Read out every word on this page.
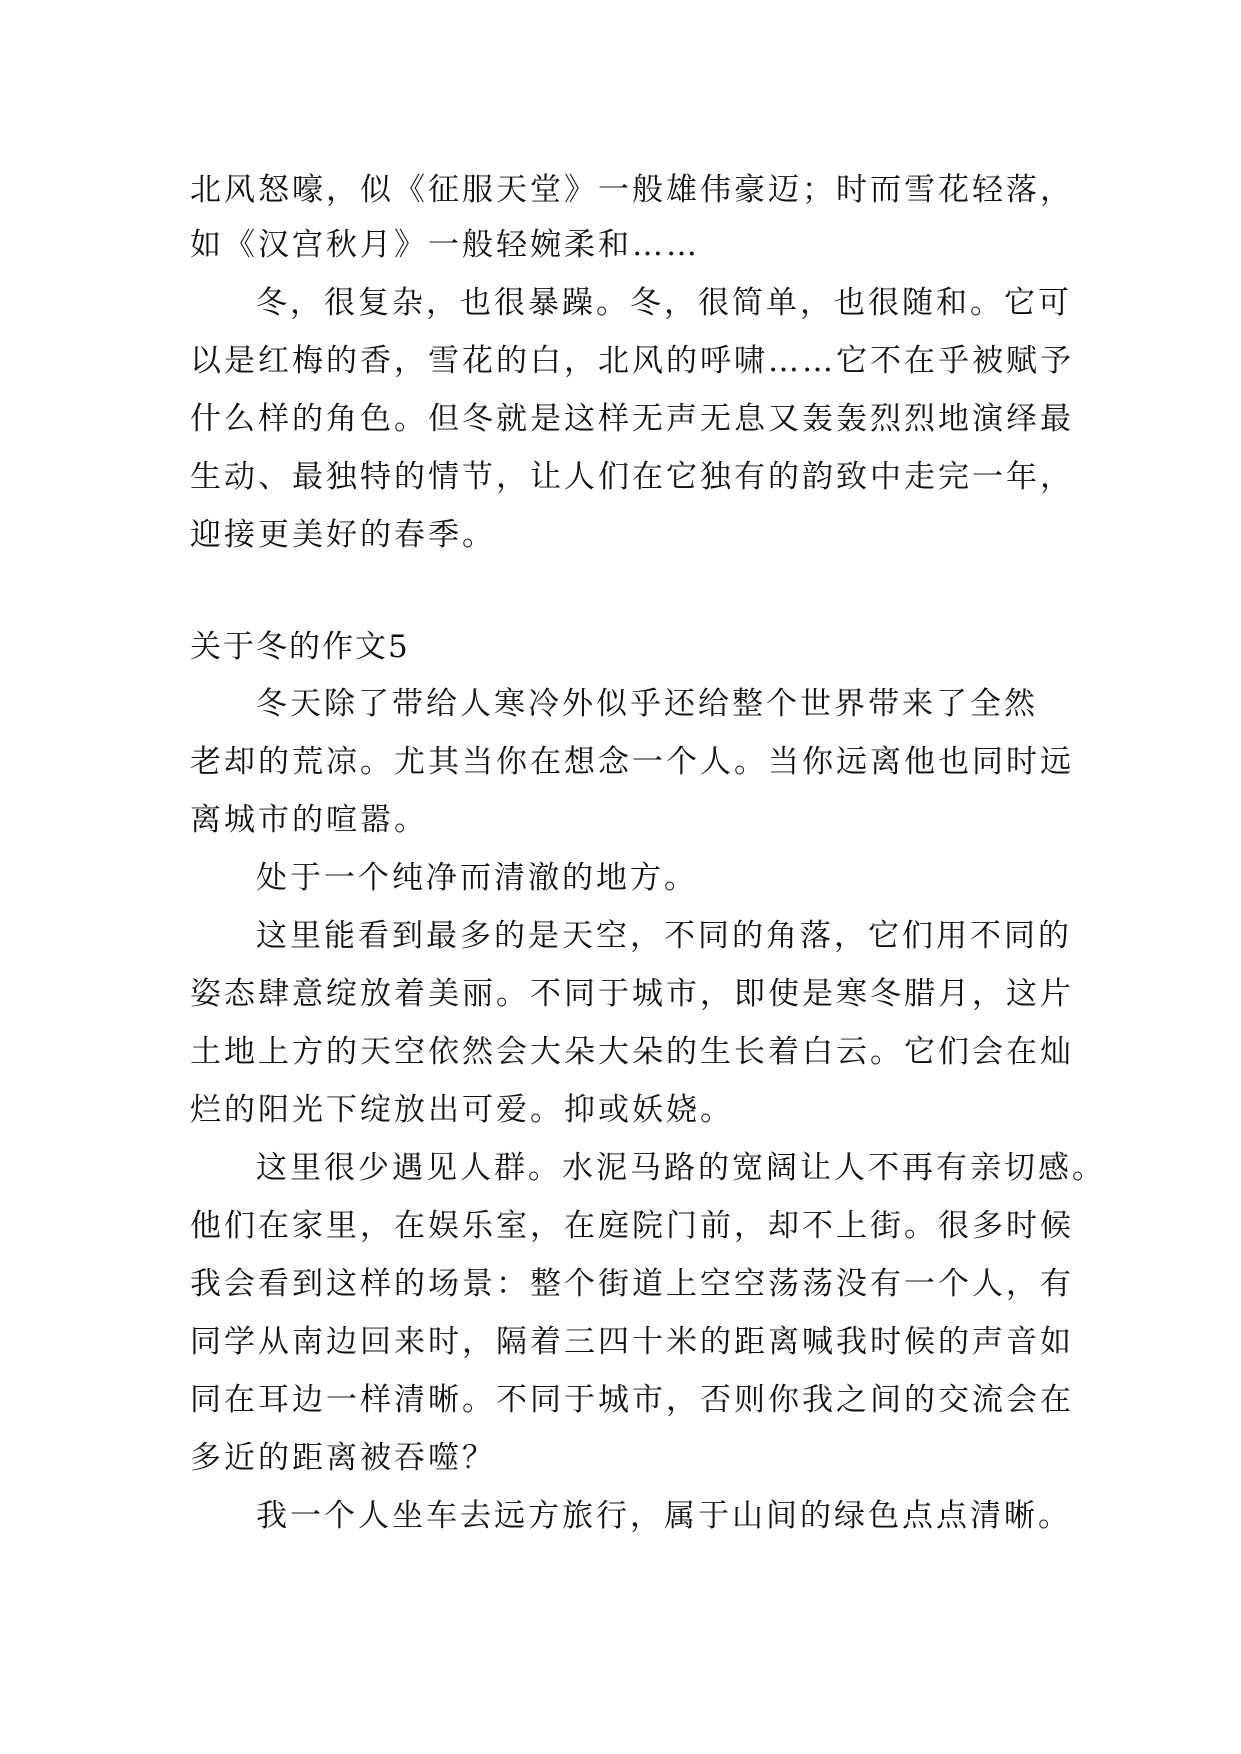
北风怒嚎，似《征服天堂》一般雄伟豪迈；时而雪花轻落，

如《汉宫秋月》一般轻婉柔和……

冬，很复杂，也很暴躁。冬，很简单，也很随和。它可

以是红梅的香，雪花的白，北风的呼啸……它不在乎被赋予

什么样的角色。但冬就是这样无声无息又轰轰烈烈地演绎最

生动、最独特的情节，让人们在它独有的韵致中走完一年，

迎接更美好的春季。

关于冬的作文5

冬天除了带给人寒冷外似乎还给整个世界带来了全然

老却的荒凉。尤其当你在想念一个人。当你远离他也同时远

离城市的喧嚣。

处于一个纯净而清澈的地方。

这里能看到最多的是天空，不同的角落，它们用不同的

姿态肆意绽放着美丽。不同于城市，即使是寒冬腊月，这片

土地上方的天空依然会大朵大朵的生长着白云。它们会在灿

烂的阳光下绽放出可爱。抑或妖娆。

这里很少遇见人群。水泥马路的宽阔让人不再有亲切感。

他们在家里，在娱乐室，在庭院门前，却不上街。很多时候

我会看到这样的场景：整个街道上空空荡荡没有一个人，有

同学从南边回来时，隔着三四十米的距离喊我时候的声音如

同在耳边一样清晰。不同于城市，否则你我之间的交流会在

多近的距离被吞噬？

我一个人坐车去远方旅行，属于山间的绿色点点清晰。
